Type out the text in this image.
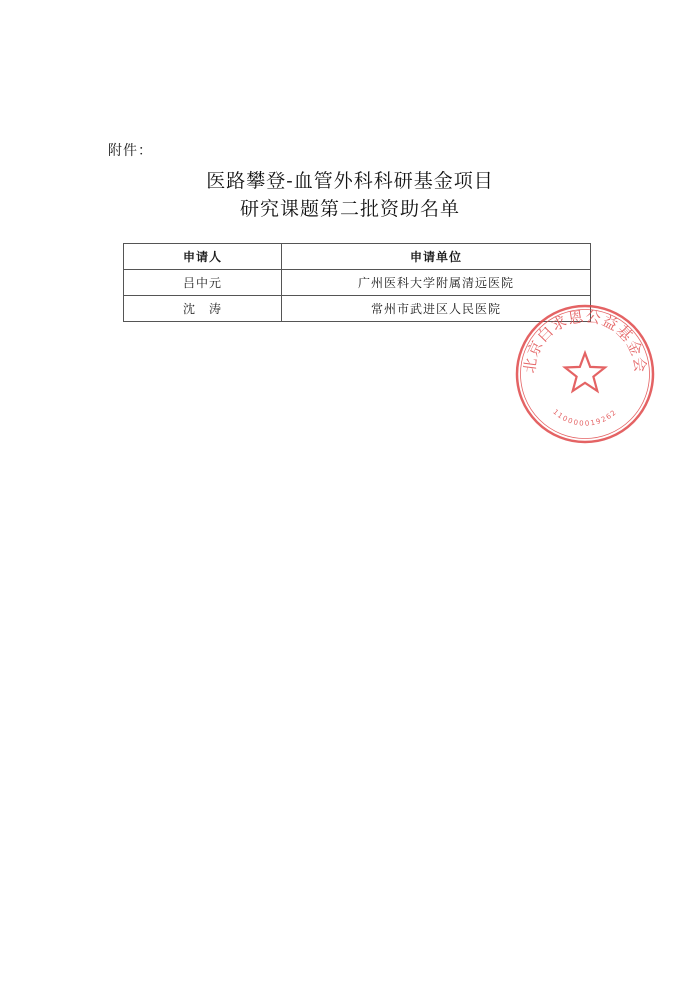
附件：
医路攀登-血管外科科研基金项目
研究课题第二批资助名单
申请人	申请单位
吕中元	广州医科大学附属清远医院
沈　涛	常州市武进区人民医院
北京白求恩公益基金会
110000019262
